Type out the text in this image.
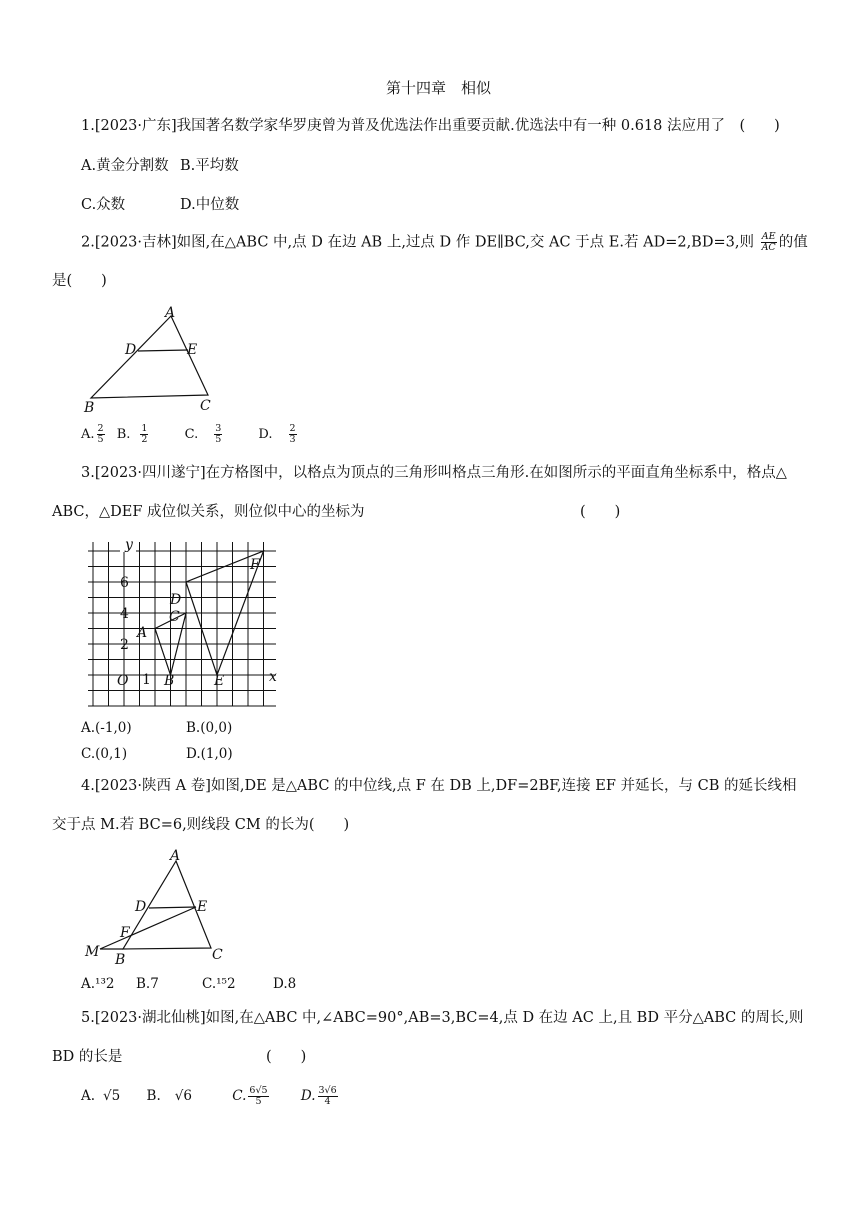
第十四章　相似
1.[2023·广东]我国著名数学家华罗庚曾为普及优选法作出重要贡献.优选法中有一种 0.618 法应用了　(　　)
A.黄金分割数 B.平均数
C.众数	D.中位数
2.[2023·吉林]如图,在△ABC 中,点 D 在边 AB 上,过点 D 作 DE∥BC,交 AC 于点 E.若 AD=2,BD=3,则 $\frac{AE}{AC}$ 的值
是(　　)
A
D	E
B	C
A. $\frac{2}{5} B$. $\frac{1}{2}$	C. $\frac{3}{5}$	D. $\frac{2}{3}$
3.[2023·四川遂宁]在方格图中，以格点为顶点的三角形叫格点三角形.在如图所示的平面直角坐标系中，格点△
ABC，△DEF 成位似关系，则位似中心的坐标为	(　　)
y
x
O
6
4
2
1
A
B
C
D
E
F
A.(-1,0)	B.(0,0)
C.(0,1)	D.(1,0)
4.[2023·陕西 A 卷]如图,DE 是△ABC 的中位线,点 F 在 DB 上,DF=2BF,连接 EF 并延长，与 CB 的延长线相
交于点 M.若 BC=6,则线段 CM 的长为(　　)
A
D	E
F
M B	C
A.¹³2 B.7	C.¹⁵2	D.8
5.[2023·湖北仙桃]如图,在△ABC 中,∠ABC=90°,AB=3,BC=4,点 D 在边 AC 上,且 BD 平分△ABC 的周长,则
BD 的长是	(　　)
A. √5 B. √6	C. $\frac{6√5}{5} D$. $\frac{3√6}{4}$
